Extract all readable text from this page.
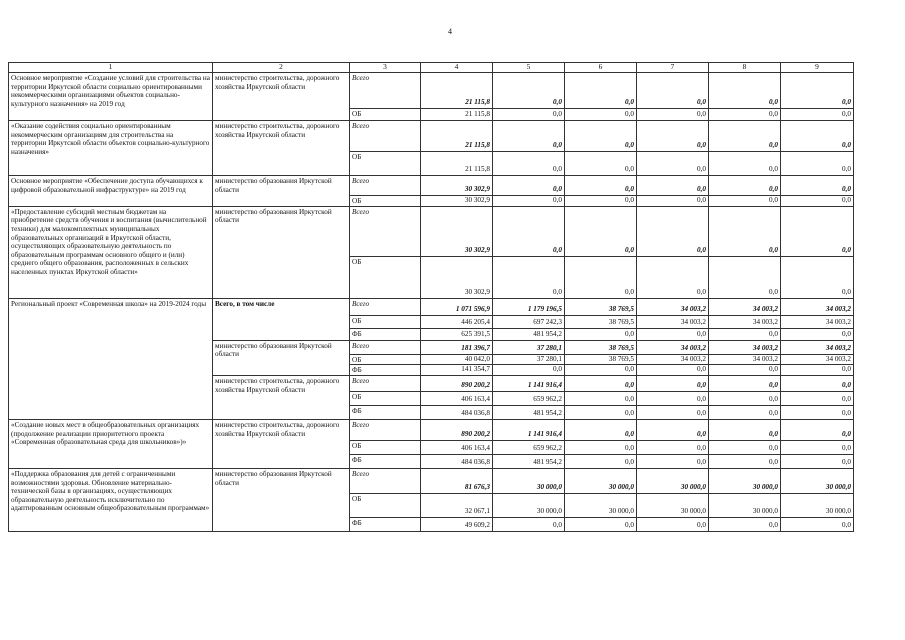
4
1	2	3	4	5	6	7	8	9
Основное мероприятие «Создание условий для строительства на территории Иркутской области социально ориентированными некоммерческими организациями объектов социально-культурного назначения» на 2019 год	министерство строительства, дорожного хозяйства Иркутской области	Всего	21 115,8	0,0	0,0	0,0	0,0	0,0
		ОБ	21 115,8	0,0	0,0	0,0	0,0	0,0
«Оказание содействия социально ориентированным некоммерческим организациям для строительства на территории Иркутской области объектов социально-культурного назначения»	министерство строительства, дорожного хозяйства Иркутской области	Всего	21 115,8	0,0	0,0	0,0	0,0	0,0
		ОБ	21 115,8	0,0	0,0	0,0	0,0	0,0
Основное мероприятие «Обеспечение доступа обучающихся к цифровой образовательной инфраструктуре» на 2019 год	министерство образования Иркутской области	Всего	30 302,9	0,0	0,0	0,0	0,0	0,0
		ОБ	30 302,9	0,0	0,0	0,0	0,0	0,0
«Предоставление субсидий местным бюджетам на приобретение средств обучения и воспитания (вычислительной техники) для малокомплектных муниципальных образовательных организаций в Иркутской области, осуществляющих образовательную деятельность по образовательным программам основного общего и (или) среднего общего образования, расположенных в сельских населенных пунктах Иркутской области»	министерство образования Иркутской области	Всего	30 302,9	0,0	0,0	0,0	0,0	0,0
		ОБ	30 302,9	0,0	0,0	0,0	0,0	0,0
Региональный проект «Современная школа» на 2019-2024 годы	Всего, в том числе	Всего	1 071 596,9	1 179 196,5	38 769,5	34 003,2	34 003,2	34 003,2
		ОБ	446 205,4	697 242,3	38 769,5	34 003,2	34 003,2	34 003,2
		ФБ	625 391,5	481 954,2	0,0	0,0	0,0	0,0
	министерство образования Иркутской области	Всего	181 396,7	37 280,1	38 769,5	34 003,2	34 003,2	34 003,2
		ОБ	40 042,0	37 280,1	38 769,5	34 003,2	34 003,2	34 003,2
		ФБ	141 354,7	0,0	0,0	0,0	0,0	0,0
	министерство строительства, дорожного хозяйства Иркутской области	Всего	890 200,2	1 141 916,4	0,0	0,0	0,0	0,0
		ОБ	406 163,4	659 962,2	0,0	0,0	0,0	0,0
		ФБ	484 036,8	481 954,2	0,0	0,0	0,0	0,0
«Создание новых мест в общеобразовательных организациях (продолжение реализации приоритетного проекта «Современная образовательная среда для школьников»)»	министерство строительства, дорожного хозяйства Иркутской области	Всего	890 200,2	1 141 916,4	0,0	0,0	0,0	0,0
		ОБ	406 163,4	659 962,2	0,0	0,0	0,0	0,0
		ФБ	484 036,8	481 954,2	0,0	0,0	0,0	0,0
«Поддержка образования для детей с ограниченными возможностями здоровья. Обновление материально-технической базы в организациях, осуществляющих образовательную деятельность исключительно по адаптированным основным общеобразовательным программам»	министерство образования Иркутской области	Всего	81 676,3	30 000,0	30 000,0	30 000,0	30 000,0	30 000,0
		ОБ	32 067,1	30 000,0	30 000,0	30 000,0	30 000,0	30 000,0
		ФБ	49 609,2	0,0	0,0	0,0	0,0	0,0
